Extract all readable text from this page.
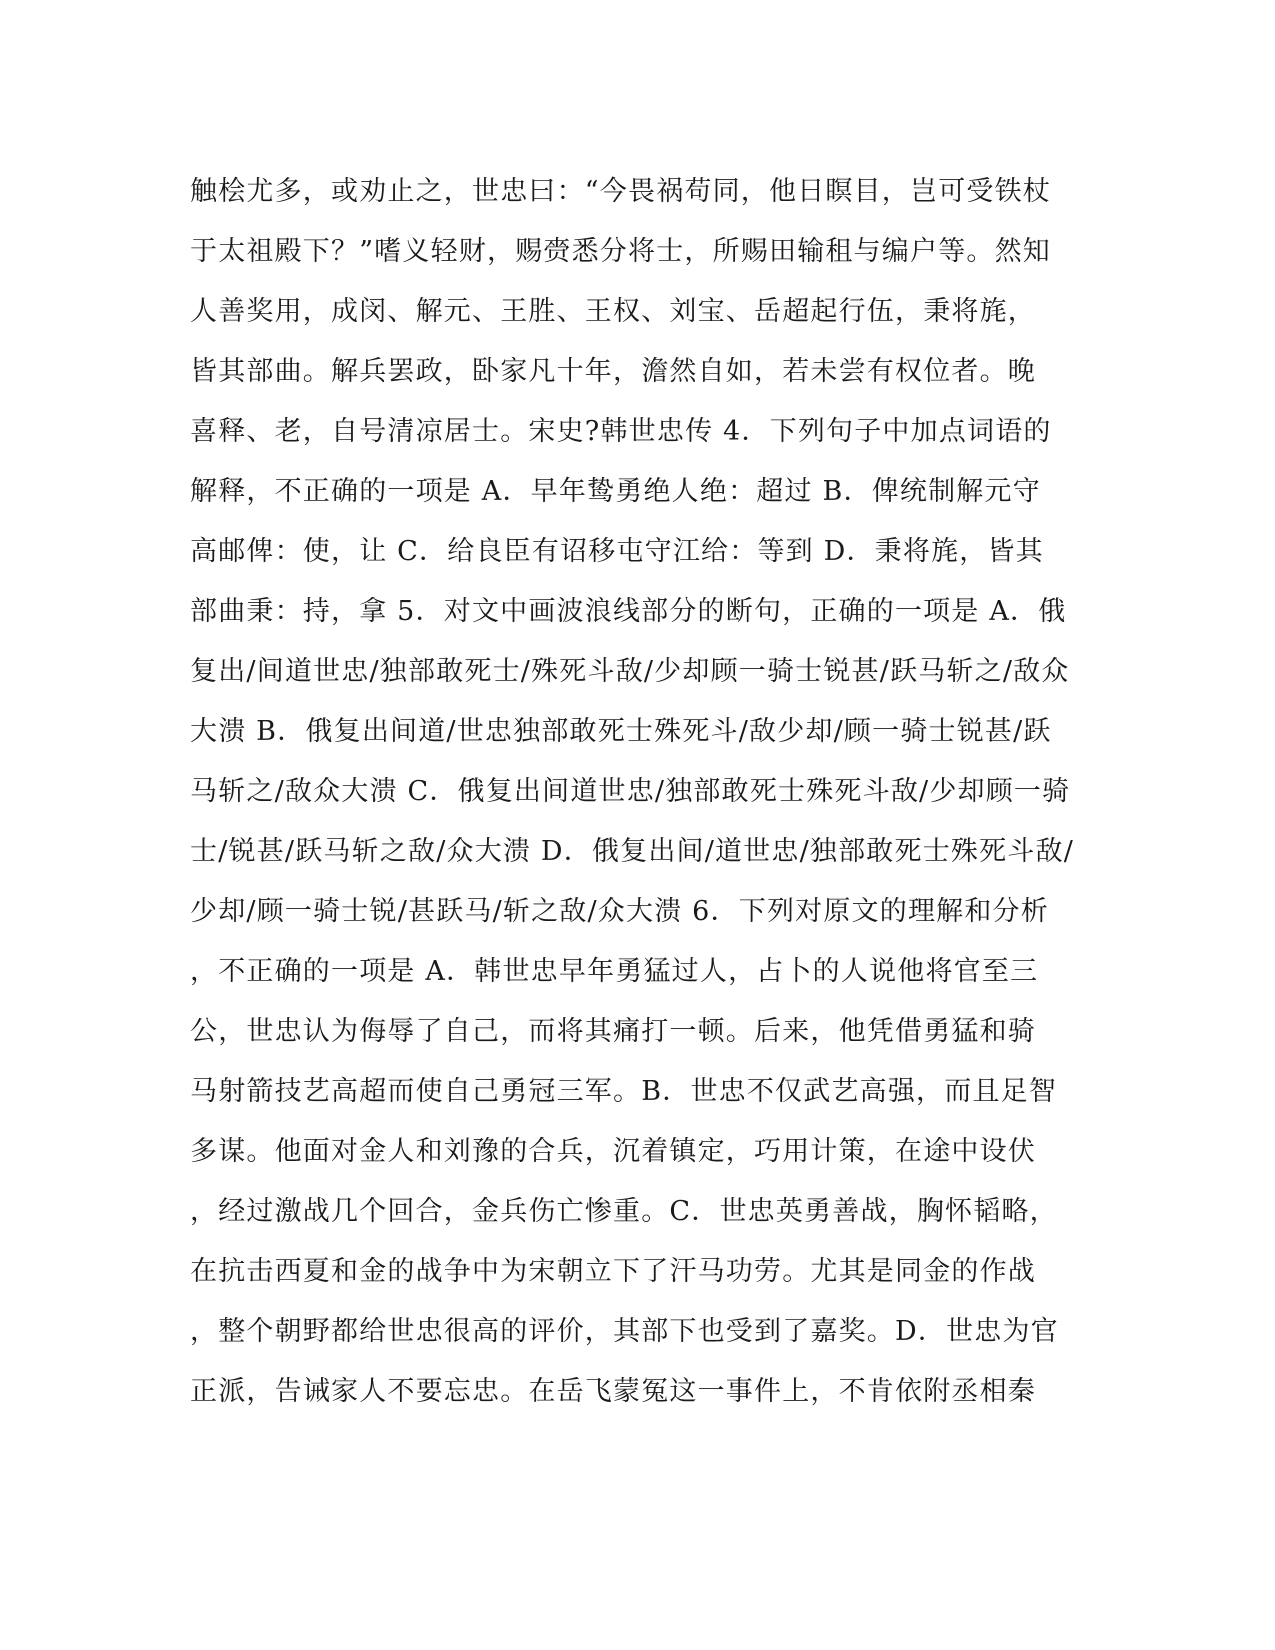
触桧尤多，或劝止之，世忠曰：“今畏祸苟同，他日瞑目，岂可受铁杖
于太祖殿下？”嗜义轻财，赐赍悉分将士，所赐田输租与编户等。然知
人善奖用，成闵、解元、王胜、王权、刘宝、岳超起行伍，秉将旄，
皆其部曲。解兵罢政，卧家凡十年，澹然自如，若未尝有权位者。晚
喜释、老，自号清凉居士。宋史?韩世忠传 4．下列句子中加点词语的
解释，不正确的一项是 A．早年鸷勇绝人绝：超过 B．俾统制解元守
高邮俾：使，让 C．给良臣有诏移屯守江给：等到 D．秉将旄，皆其
部曲秉：持，拿 5．对文中画波浪线部分的断句，正确的一项是 A．俄
复出/间道世忠/独部敢死士/殊死斗敌/少却顾一骑士锐甚/跃马斩之/敌众
大溃 B．俄复出间道/世忠独部敢死士殊死斗/敌少却/顾一骑士锐甚/跃
马斩之/敌众大溃 C．俄复出间道世忠/独部敢死士殊死斗敌/少却顾一骑
士/锐甚/跃马斩之敌/众大溃 D．俄复出间/道世忠/独部敢死士殊死斗敌/
少却/顾一骑士锐/甚跃马/斩之敌/众大溃 6．下列对原文的理解和分析
，不正确的一项是 A．韩世忠早年勇猛过人，占卜的人说他将官至三
公，世忠认为侮辱了自己，而将其痛打一顿。后来，他凭借勇猛和骑
马射箭技艺高超而使自己勇冠三军。B．世忠不仅武艺高强，而且足智
多谋。他面对金人和刘豫的合兵，沉着镇定，巧用计策，在途中设伏
，经过激战几个回合，金兵伤亡惨重。C．世忠英勇善战，胸怀韬略，
在抗击西夏和金的战争中为宋朝立下了汗马功劳。尤其是同金的作战
，整个朝野都给世忠很高的评价，其部下也受到了嘉奖。D．世忠为官
正派，告诫家人不要忘忠。在岳飞蒙冤这一事件上，不肯依附丞相秦
